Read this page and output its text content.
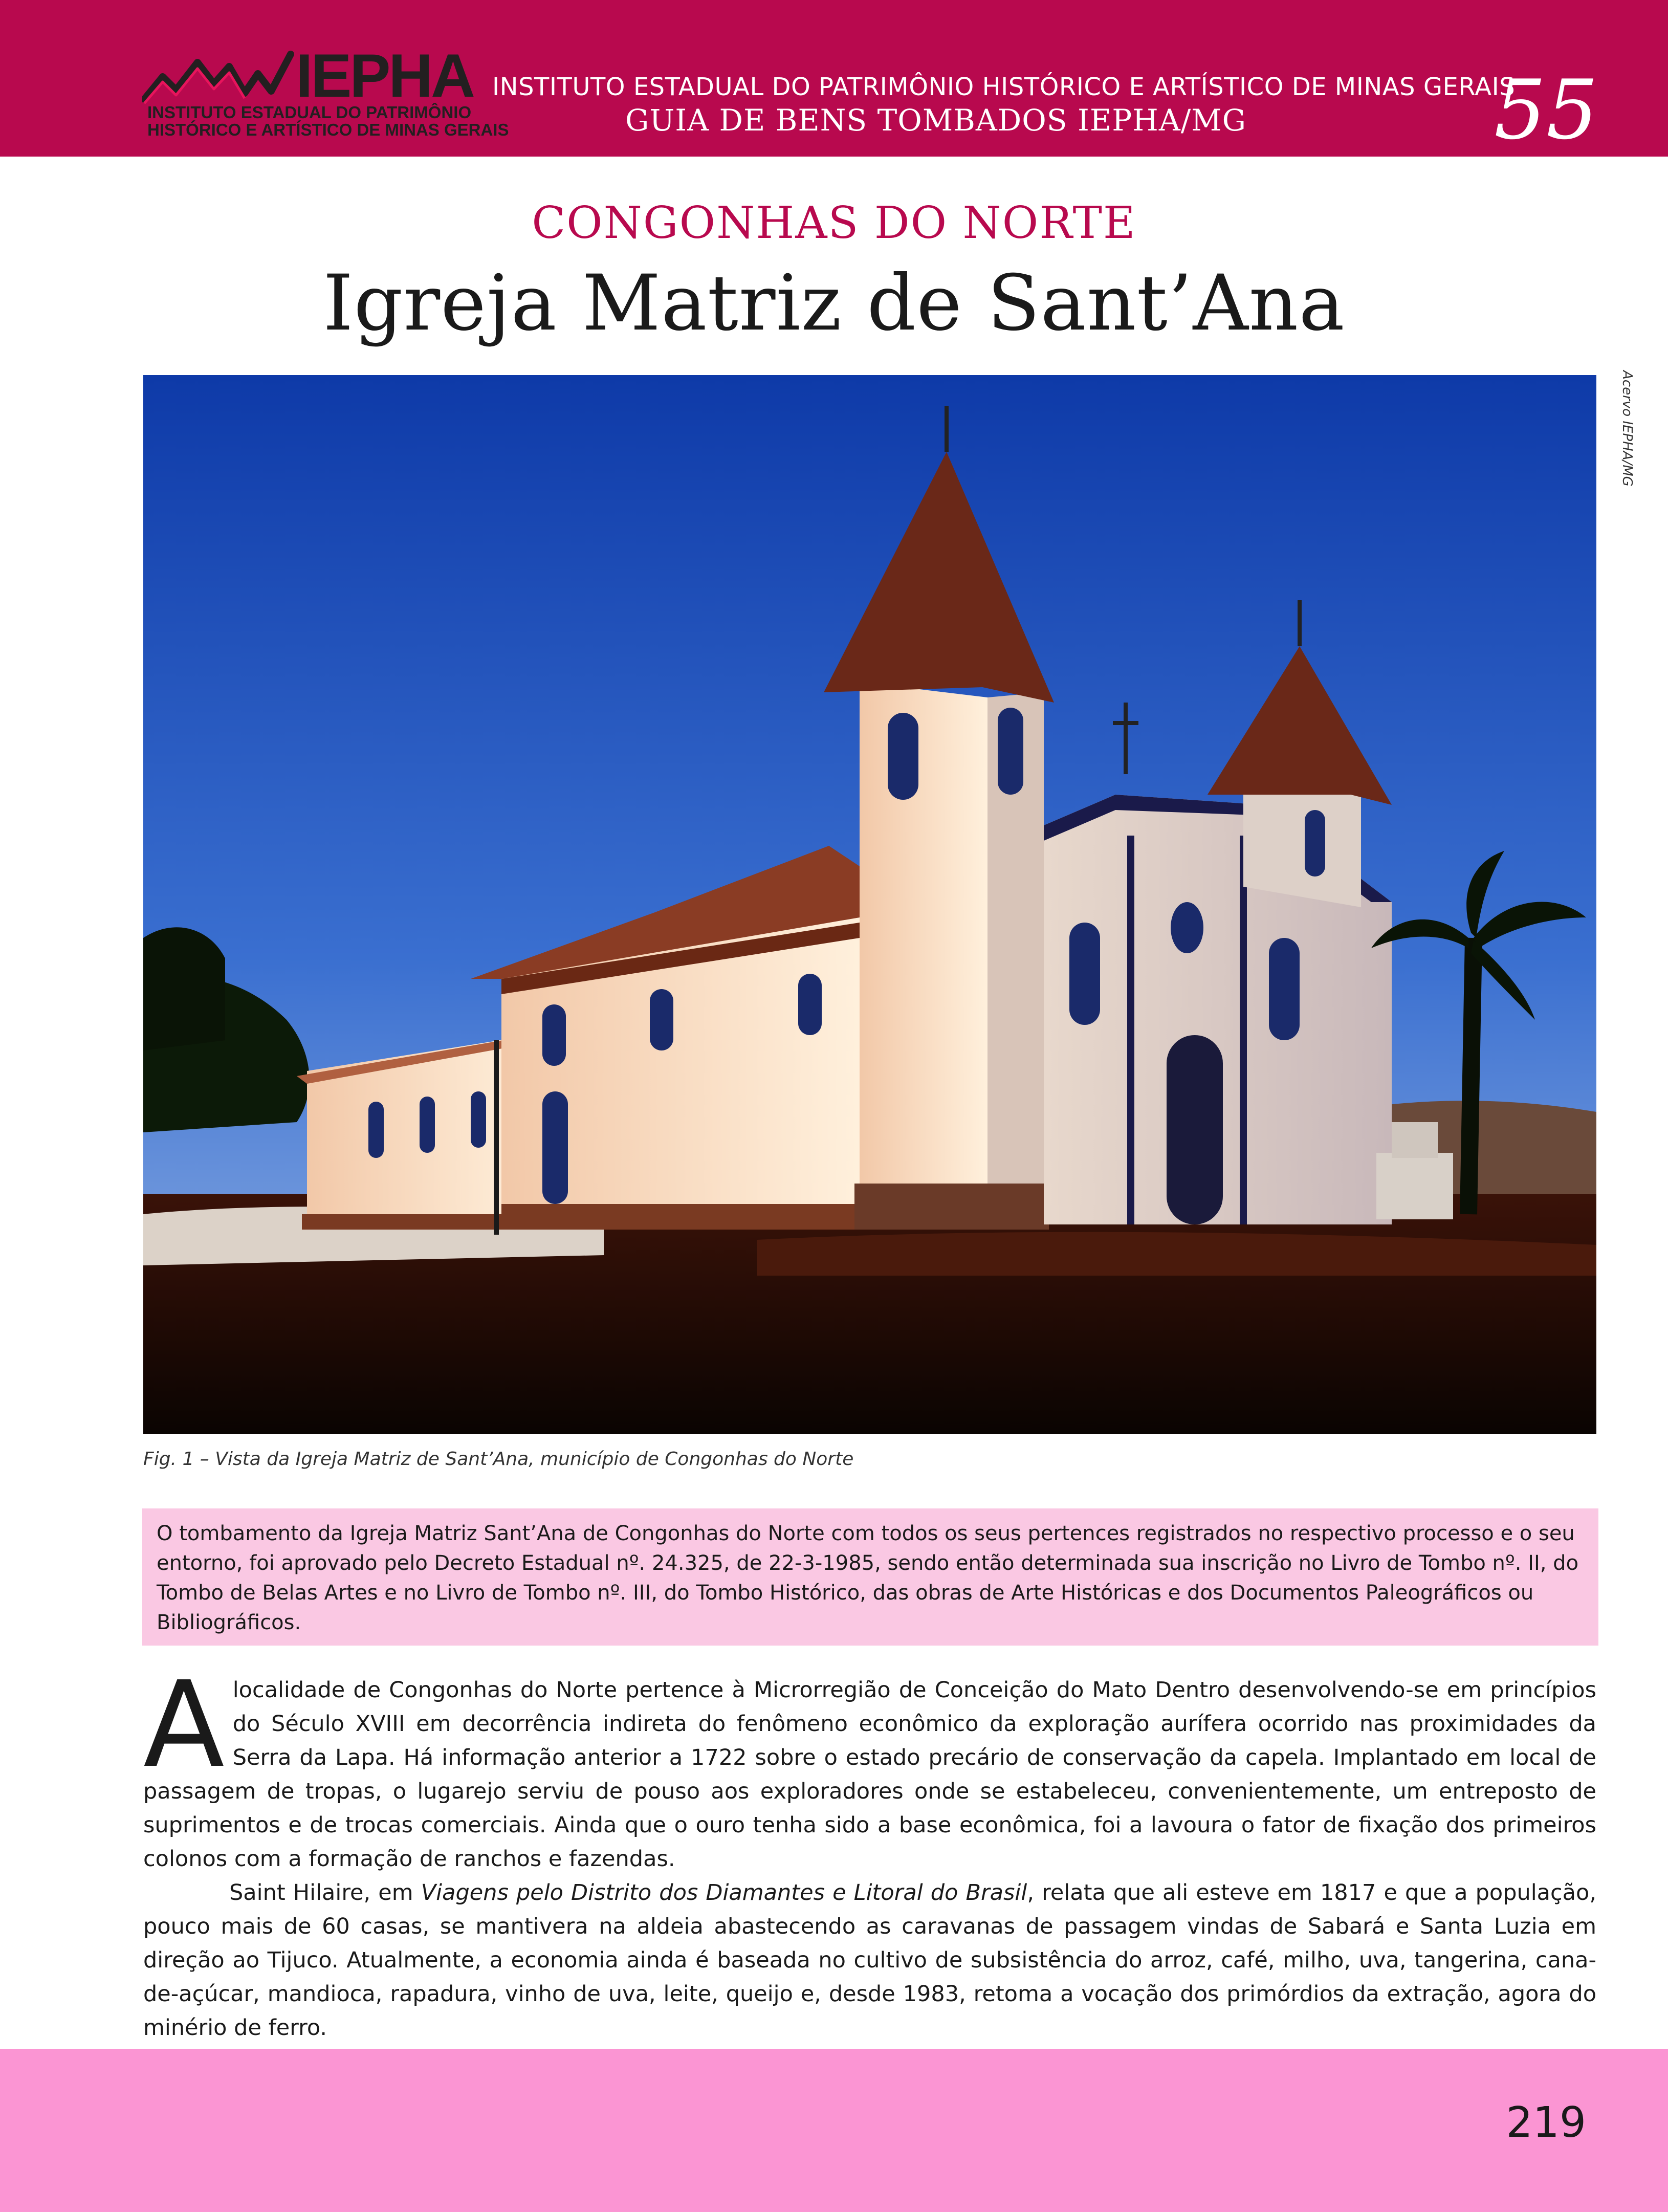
IEPHA
INSTITUTO ESTADUAL DO PATRIMÔNIO
HISTÓRICO E ARTÍSTICO DE MINAS GERAIS
INSTITUTO ESTADUAL DO PATRIMÔNIO HISTÓRICO E ARTÍSTICO DE MINAS GERAIS
GUIA DE BENS TOMBADOS IEPHA/MG	55
CONGONHAS DO NORTE
Igreja Matriz de Sant’Ana
Acervo IEPHA/MG
Fig. 1 – Vista da Igreja Matriz de Sant’Ana, município de Congonhas do Norte

O tombamento da Igreja Matriz Sant’Ana de Congonhas do Norte com todos os seus pertences registrados no respectivo processo e o seu entorno, foi aprovado pelo Decreto Estadual nº. 24.325, de 22-3-1985, sendo então determinada sua inscrição no Livro de Tombo nº. II, do Tombo de Belas Artes e no Livro de Tombo nº. III, do Tombo Histórico, das obras de Arte Históricas e dos Documentos Paleográficos ou Bibliográficos.

Alocalidade de Congonhas do Norte pertence à Microrregião de Conceição do Mato Dentro desenvolvendo-se em princípios do Século XVIII em decorrência indireta do fenômeno econômico da exploração aurífera ocorrido nas proximidades da Serra da Lapa. Há informação anterior a 1722 sobre o estado precário de conservação da capela. Implantado em local de passagem de tropas, o lugarejo serviu de pouso aos exploradores onde se estabeleceu, convenientemente, um entreposto de suprimentos e de trocas comerciais. Ainda que o ouro tenha sido a base econômica, foi a lavoura o fator de fixação dos primeiros colonos com a formação de ranchos e fazendas.

Saint Hilaire, em Viagens pelo Distrito dos Diamantes e Litoral do Brasil, relata que ali esteve em 1817 e que a população, pouco mais de 60 casas, se mantivera na aldeia abastecendo as caravanas de passagem vindas de Sabará e Santa Luzia em direção ao Tijuco. Atualmente, a economia ainda é baseada no cultivo de subsistência do arroz, café, milho, uva, tangerina, cana-de-açúcar, mandioca, rapadura, vinho de uva, leite, queijo e, desde 1983, retoma a vocação dos primórdios da extração, agora do minério de ferro.

219
